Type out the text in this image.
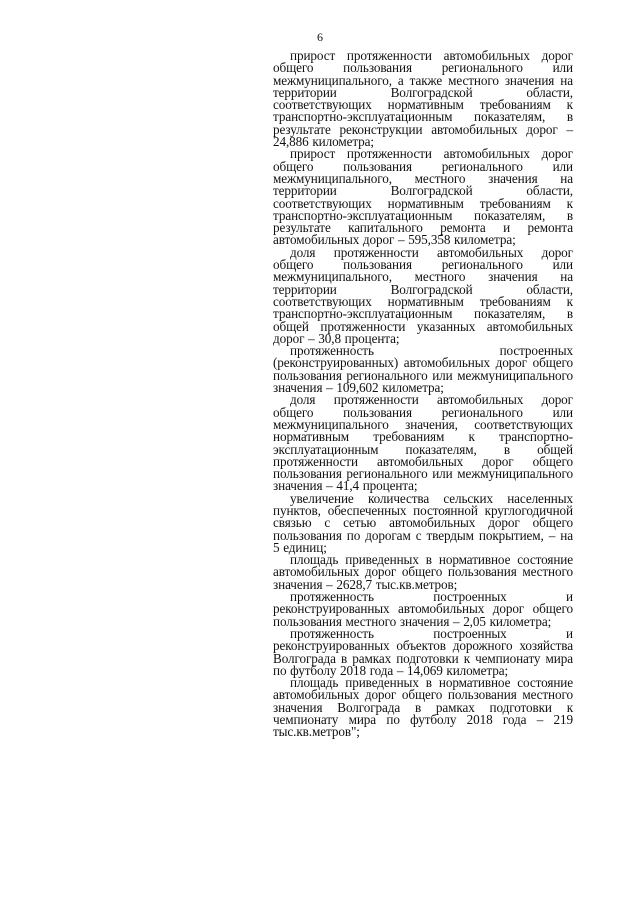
6

прирост протяженности автомобильных дорог общего пользования регионального или межмуниципального, а также местного значения на территории Волгоградской области, соответствующих нормативным требованиям к транспортно-эксплуатационным показателям, в результате реконструкции автомобильных дорог – 24,886 километра;

прирост протяженности автомобильных дорог общего пользования регионального или межмуниципального, местного значения на территории Волгоградской области, соответствующих нормативным требованиям к транспортно-эксплуатационным показателям, в результате капитального ремонта и ремонта автомобильных дорог – 595,358 километра;

доля протяженности автомобильных дорог общего пользования регионального или межмуниципального, местного значения на территории Волгоградской области, соответствующих нормативным требованиям к транспортно-эксплуатационным показателям, в общей протяженности указанных автомобильных дорог – 30,8 процента;

протяженность построенных (реконструированных) автомобильных дорог общего пользования регионального или межмуниципального значения – 109,602 километра;

доля протяженности автомобильных дорог общего пользования регионального или межмуниципального значения, соответствующих нормативным требованиям к транспортно-эксплуатационным показателям, в общей протяженности автомобильных дорог общего пользования регионального или межмуниципального значения – 41,4 процента;

увеличение количества сельских населенных пунктов, обеспеченных постоянной круглогодичной связью с сетью автомобильных дорог общего пользования по дорогам с твердым покрытием, – на 5 единиц;

площадь приведенных в нормативное состояние автомобильных дорог общего пользования местного значения – 2628,7 тыс.кв.метров;

протяженность построенных и реконструированных автомобильных дорог общего пользования местного значения – 2,05 километра;

протяженность построенных и реконструированных объектов дорожного хозяйства Волгограда в рамках подготовки к чемпионату мира по футболу 2018 года – 14,069 километра;

площадь приведенных в нормативное состояние автомобильных дорог общего пользования местного значения Волгограда в рамках подготовки к чемпионату мира по футболу 2018 года – 219 тыс.кв.метров";
